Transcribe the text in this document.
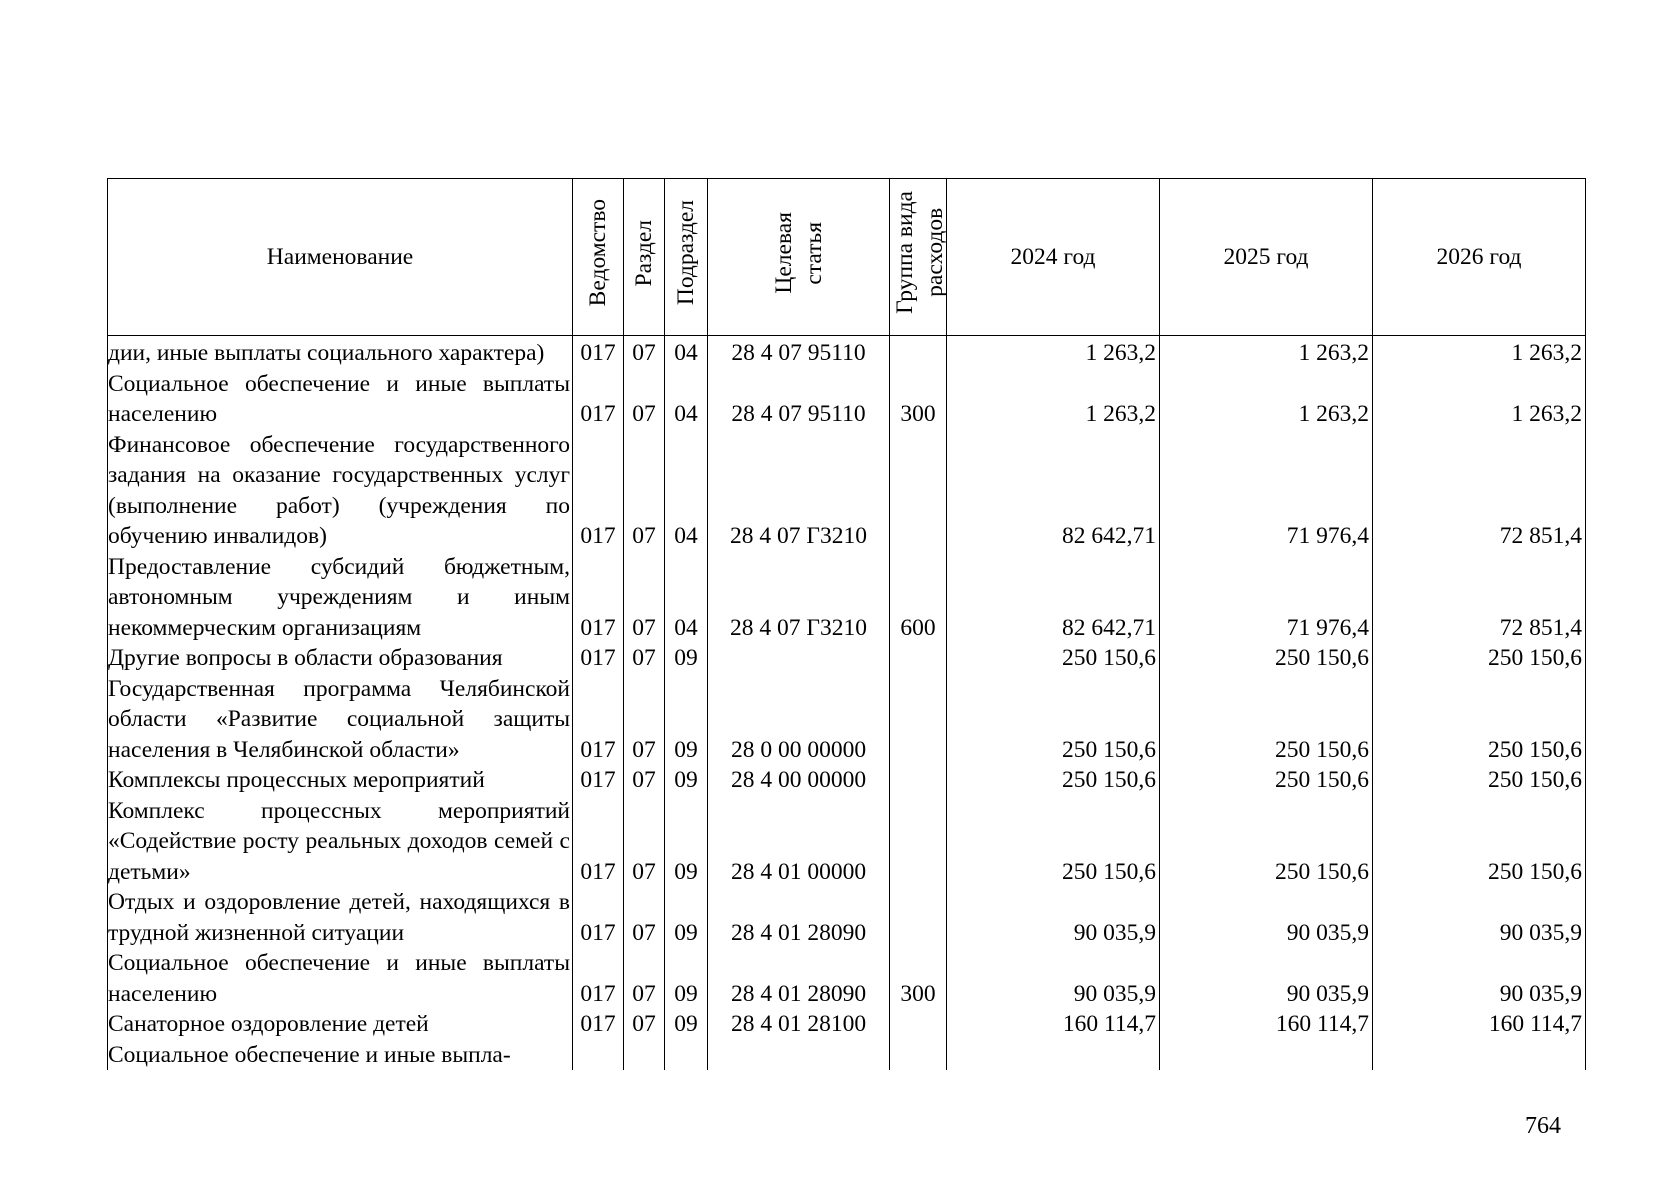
Наименование	Ведомство	Раздел	Подраздел	Целевая статья	Группа вида расходов	2024 год	2025 год	2026 год
дии, иные выплаты социального характера)	017	07	04	28 4 07 95110		1 263,2	1 263,2	1 263,2
Социальное обеспечение и иные выплаты населению	017	07	04	28 4 07 95110	300	1 263,2	1 263,2	1 263,2
Финансовое обеспечение государственного задания на оказание государственных услуг (выполнение работ) (учреждения по обучению инвалидов)	017	07	04	28 4 07 Г3210		82 642,71	71 976,4	72 851,4
Предоставление субсидий бюджетным, автономным учреждениям и иным некоммерческим организациям	017	07	04	28 4 07 Г3210	600	82 642,71	71 976,4	72 851,4
Другие вопросы в области образования	017	07	09			250 150,6	250 150,6	250 150,6
Государственная программа Челябинской области «Развитие социальной защиты населения в Челябинской области»	017	07	09	28 0 00 00000		250 150,6	250 150,6	250 150,6
Комплексы процессных мероприятий	017	07	09	28 4 00 00000		250 150,6	250 150,6	250 150,6
Комплекс процессных мероприятий «Содействие росту реальных доходов семей с детьми»	017	07	09	28 4 01 00000		250 150,6	250 150,6	250 150,6
Отдых и оздоровление детей, находящихся в трудной жизненной ситуации	017	07	09	28 4 01 28090		90 035,9	90 035,9	90 035,9
Социальное обеспечение и иные выплаты населению	017	07	09	28 4 01 28090	300	90 035,9	90 035,9	90 035,9
Санаторное оздоровление детей	017	07	09	28 4 01 28100		160 114,7	160 114,7	160 114,7
Социальное обеспечение и иные выпла-								
764
